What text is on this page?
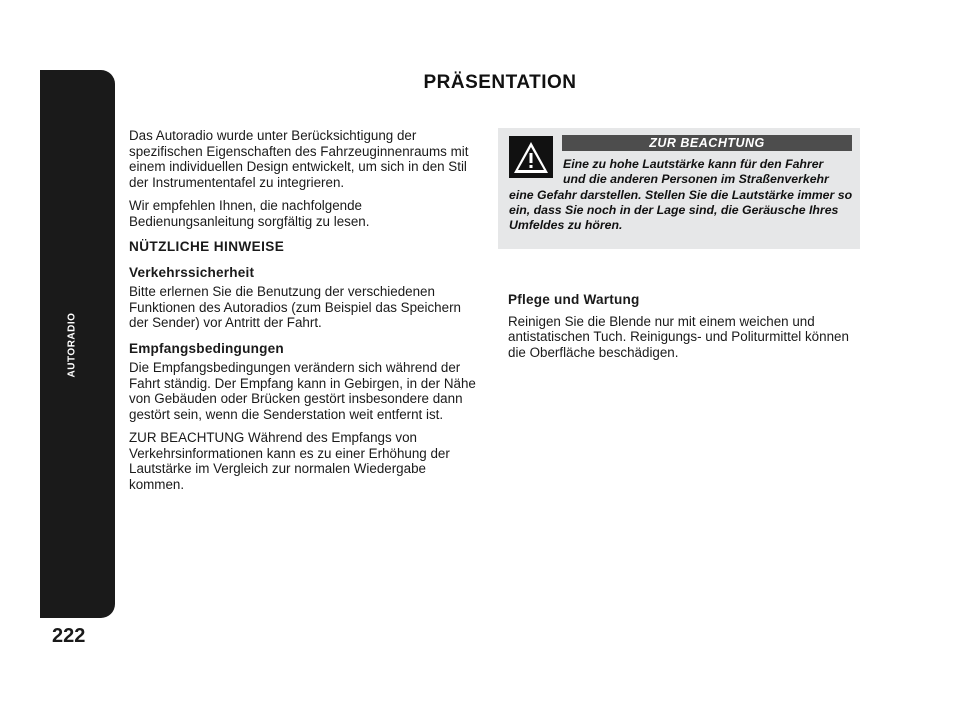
AUTORADIO
222
PRÄSENTATION

Das Autoradio wurde unter Berücksichtigung der spezifischen Eigenschaften des Fahrzeuginnenraums mit einem individuellen Design entwickelt, um sich in den Stil der Instrumententafel zu integrieren.

Wir empfehlen Ihnen, die nachfolgende Bedienungsanleitung sorgfältig zu lesen.

NÜTZLICHE HINWEISE
Verkehrssicherheit

Bitte erlernen Sie die Benutzung der verschiedenen Funktionen des Autoradios (zum Beispiel das Speichern der Sender) vor Antritt der Fahrt.

Empfangsbedingungen

Die Empfangsbedingungen verändern sich während der Fahrt ständig. Der Empfang kann in Gebirgen, in der Nähe von Gebäuden oder Brücken gestört insbesondere dann gestört sein, wenn die Senderstation weit entfernt ist.

ZUR BEACHTUNG Während des Empfangs von Verkehrsinformationen kann es zu einer Erhöhung der Lautstärke im Vergleich zur normalen Wiedergabe kommen.

ZUR BEACHTUNG
Eine zu hohe Lautstärke kann für den Fahrer
und die anderen Personen im Straßenverkehr
eine Gefahr darstellen. Stellen Sie die Lautstärke immer so ein, dass Sie noch in der Lage sind, die Geräusche Ihres Umfeldes zu hören.
Pflege und Wartung

Reinigen Sie die Blende nur mit einem weichen und antistatischen Tuch. Reinigungs- und Politurmittel können die Oberfläche beschädigen.
